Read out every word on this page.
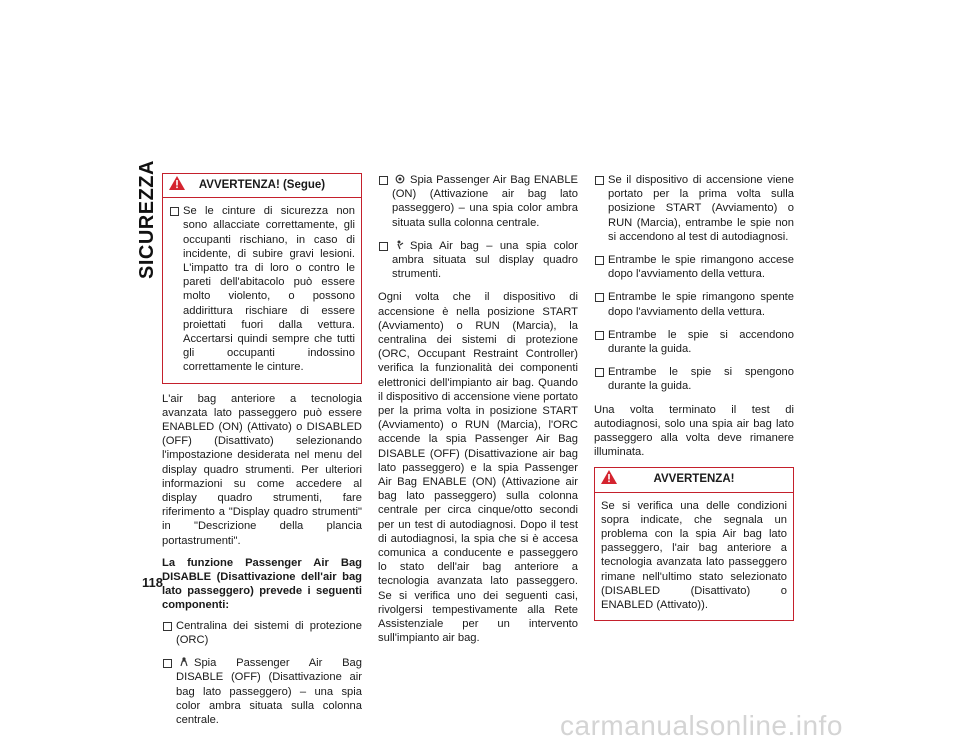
SICUREZZA
118
AVVERTENZA! (Segue)
Se le cinture di sicurezza non sono allacciate correttamente, gli occupanti rischiano, in caso di incidente, di subire gravi lesioni. L'impatto tra di loro o contro le pareti dell'abitacolo può essere molto violento, o possono addirittura rischiare di essere proiettati fuori dalla vettura. Accertarsi quindi sempre che tutti gli occupanti indossino correttamente le cinture.

L'air bag anteriore a tecnologia avanzata lato passeggero può essere ENABLED (ON) (Attivato) o DISABLED (OFF) (Disattivato) selezionando l'impostazione desiderata nel menu del display quadro strumenti. Per ulteriori informazioni su come accedere al display quadro strumenti, fare riferimento a "Display quadro strumenti" in "Descrizione della plancia portastrumenti".

La funzione Passenger Air Bag DISABLE (Disattivazione dell'air bag lato passeggero) prevede i seguenti componenti:

Centralina dei sistemi di protezione (ORC)
Spia Passenger Air Bag DISABLE (OFF) (Disattivazione air bag lato passeggero) – una spia color ambra situata sulla colonna centrale.
Spia Passenger Air Bag ENABLE (ON) (Attivazione air bag lato passeggero) – una spia color ambra situata sulla colonna centrale.
Spia Air bag – una spia color ambra situata sul display quadro strumenti.

Ogni volta che il dispositivo di accensione è nella posizione START (Avviamento) o RUN (Marcia), la centralina dei sistemi di protezione (ORC, Occupant Restraint Controller) verifica la funzionalità dei componenti elettronici dell'impianto air bag. Quando il dispositivo di accensione viene portato per la prima volta in posizione START (Avviamento) o RUN (Marcia), l'ORC accende la spia Passenger Air Bag DISABLE (OFF) (Disattivazione air bag lato passeggero) e la spia Passenger Air Bag ENABLE (ON) (Attivazione air bag lato passeggero) sulla colonna centrale per circa cinque/otto secondi per un test di autodiagnosi. Dopo il test di autodiagnosi, la spia che si è accesa comunica a conducente e passeggero lo stato dell'air bag anteriore a tecnologia avanzata lato passeggero. Se si verifica uno dei seguenti casi, rivolgersi tempestivamente alla Rete Assistenziale per un intervento sull'impianto air bag.

Se il dispositivo di accensione viene portato per la prima volta sulla posizione START (Avviamento) o RUN (Marcia), entrambe le spie non si accendono al test di autodiagnosi.
Entrambe le spie rimangono accese dopo l'avviamento della vettura.
Entrambe le spie rimangono spente dopo l'avviamento della vettura.
Entrambe le spie si accendono durante la guida.
Entrambe le spie si spengono durante la guida.

Una volta terminato il test di autodiagnosi, solo una spia air bag lato passeggero alla volta deve rimanere illuminata.

AVVERTENZA!

Se si verifica una delle condizioni sopra indicate, che segnala un problema con la spia Air bag lato passeggero, l'air bag anteriore a tecnologia avanzata lato passeggero rimane nell'ultimo stato selezionato (DISABLED (Disattivato) o ENABLED (Attivato)).

carmanualsonline.info
